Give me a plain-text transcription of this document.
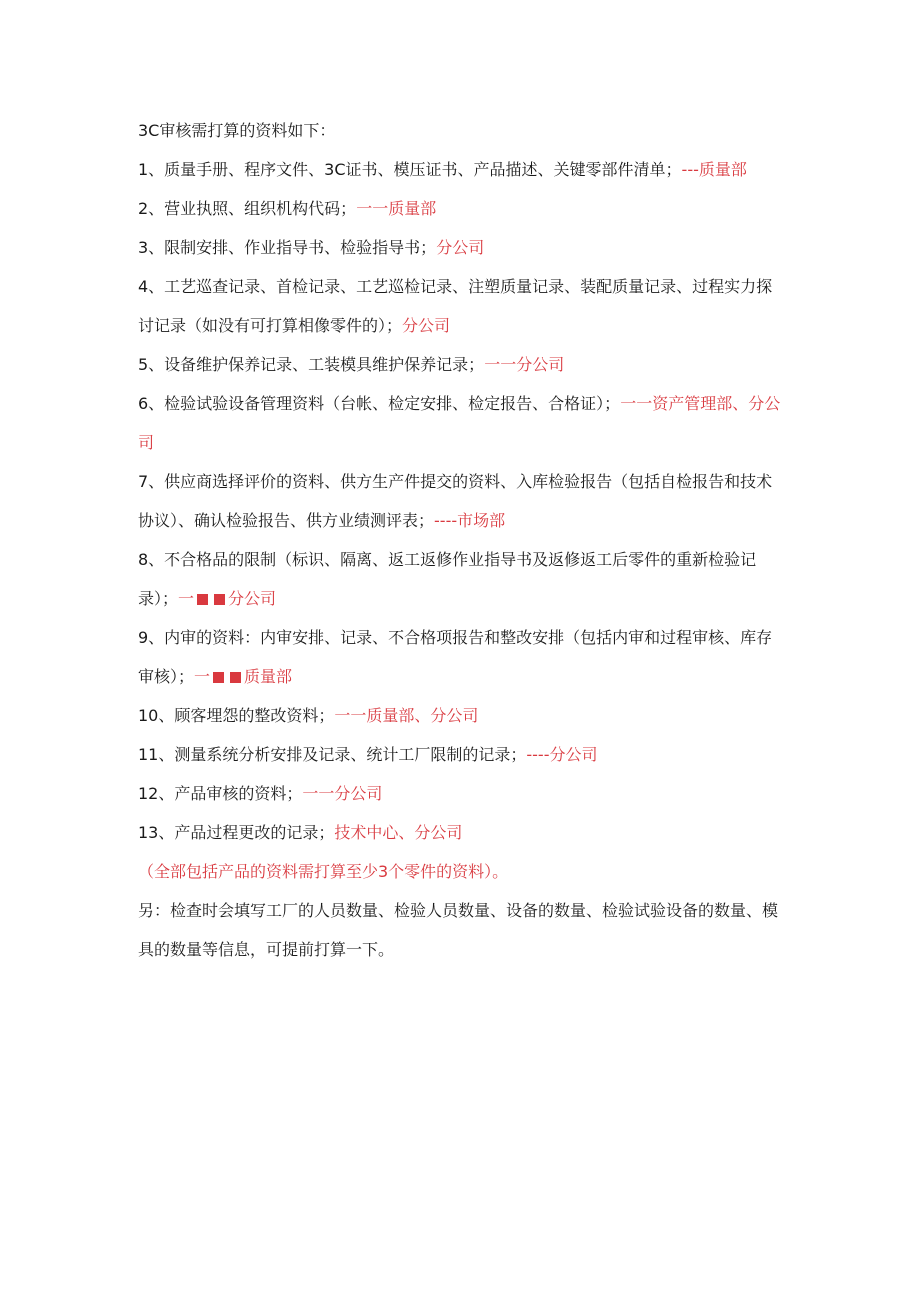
3C审核需打算的资料如下：

1、质量手册、程序文件、3C证书、模压证书、产品描述、关键零部件清单；---质量部

2、营业执照、组织机构代码；一一质量部

3、限制安排、作业指导书、检验指导书；分公司

4、工艺巡查记录、首检记录、工艺巡检记录、注塑质量记录、装配质量记录、过程实力探讨记录（如没有可打算相像零件的）；分公司

5、设备维护保养记录、工装模具维护保养记录；一一分公司

6、检验试验设备管理资料（台帐、检定安排、检定报告、合格证）；一一资产管理部、分公司

7、供应商选择评价的资料、供方生产件提交的资料、入库检验报告（包括自检报告和技术协议）、确认检验报告、供方业绩测评表；----市场部

8、不合格品的限制（标识、隔离、返工返修作业指导书及返修返工后零件的重新检验记录）；一 分公司

9、内审的资料：内审安排、记录、不合格项报告和整改安排（包括内审和过程审核、库存审核）；一 质量部

10、顾客埋怨的整改资料；一一质量部、分公司

11、测量系统分析安排及记录、统计工厂限制的记录；----分公司

12、产品审核的资料；一一分公司

13、产品过程更改的记录；技术中心、分公司

（全部包括产品的资料需打算至少3个零件的资料）。

另：检查时会填写工厂的人员数量、检验人员数量、设备的数量、检验试验设备的数量、模具的数量等信息，可提前打算一下。
